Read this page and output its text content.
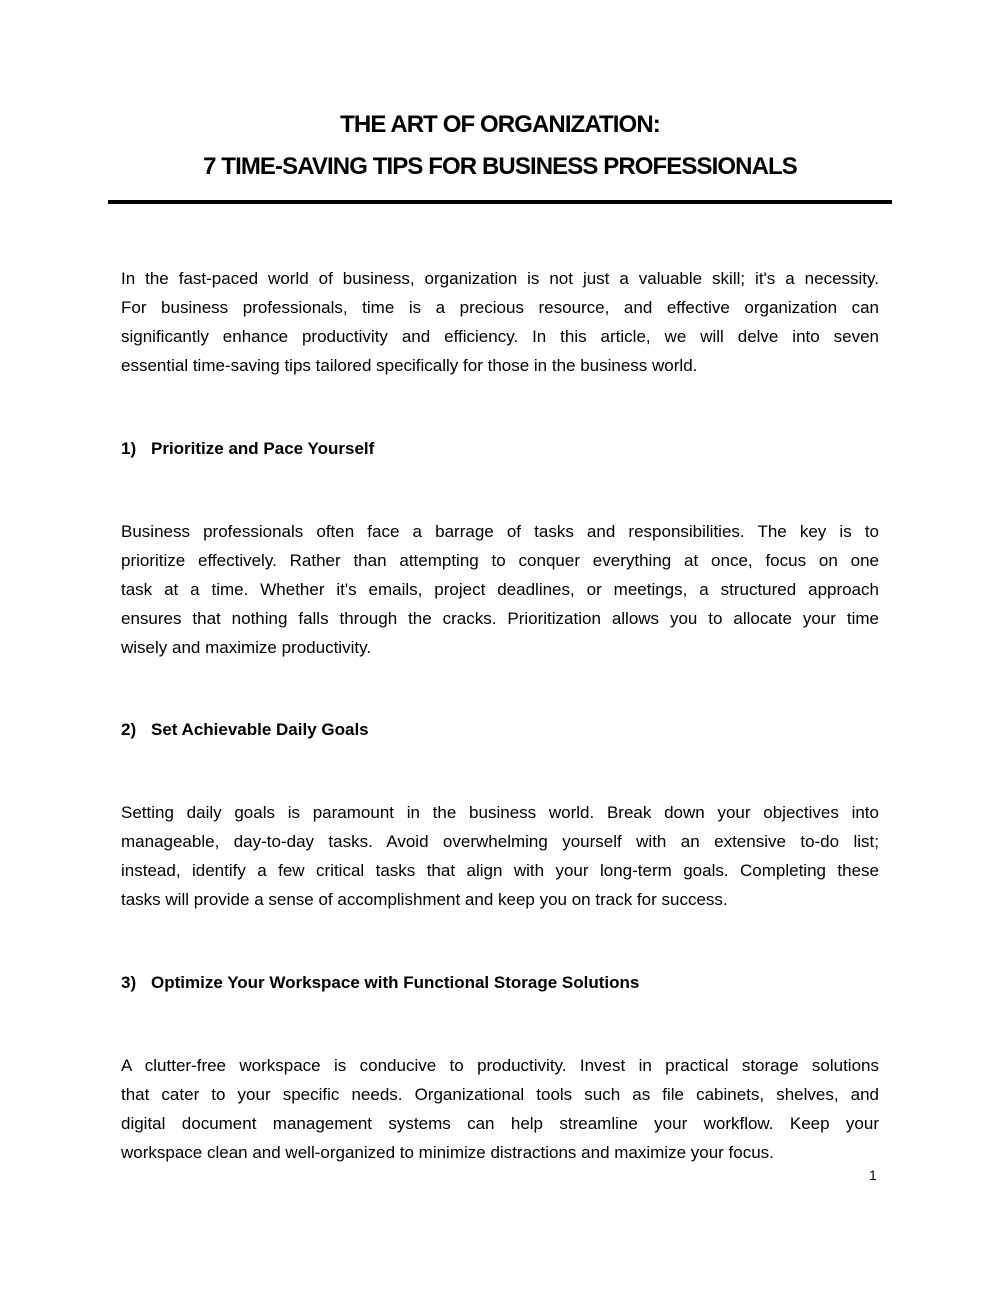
THE ART OF ORGANIZATION:
7 TIME-SAVING TIPS FOR BUSINESS PROFESSIONALS
In the fast-paced world of business, organization is not just a valuable skill; it's a necessity.
For business professionals, time is a precious resource, and effective organization can
significantly enhance productivity and efficiency. In this article, we will delve into seven
essential time-saving tips tailored specifically for those in the business world.
1) Prioritize and Pace Yourself
Business professionals often face a barrage of tasks and responsibilities. The key is to
prioritize effectively. Rather than attempting to conquer everything at once, focus on one
task at a time. Whether it's emails, project deadlines, or meetings, a structured approach
ensures that nothing falls through the cracks. Prioritization allows you to allocate your time
wisely and maximize productivity.
2) Set Achievable Daily Goals
Setting daily goals is paramount in the business world. Break down your objectives into
manageable, day-to-day tasks. Avoid overwhelming yourself with an extensive to-do list;
instead, identify a few critical tasks that align with your long-term goals. Completing these
tasks will provide a sense of accomplishment and keep you on track for success.
3) Optimize Your Workspace with Functional Storage Solutions
A clutter-free workspace is conducive to productivity. Invest in practical storage solutions
that cater to your specific needs. Organizational tools such as file cabinets, shelves, and
digital document management systems can help streamline your workflow. Keep your
workspace clean and well-organized to minimize distractions and maximize your focus.
1
